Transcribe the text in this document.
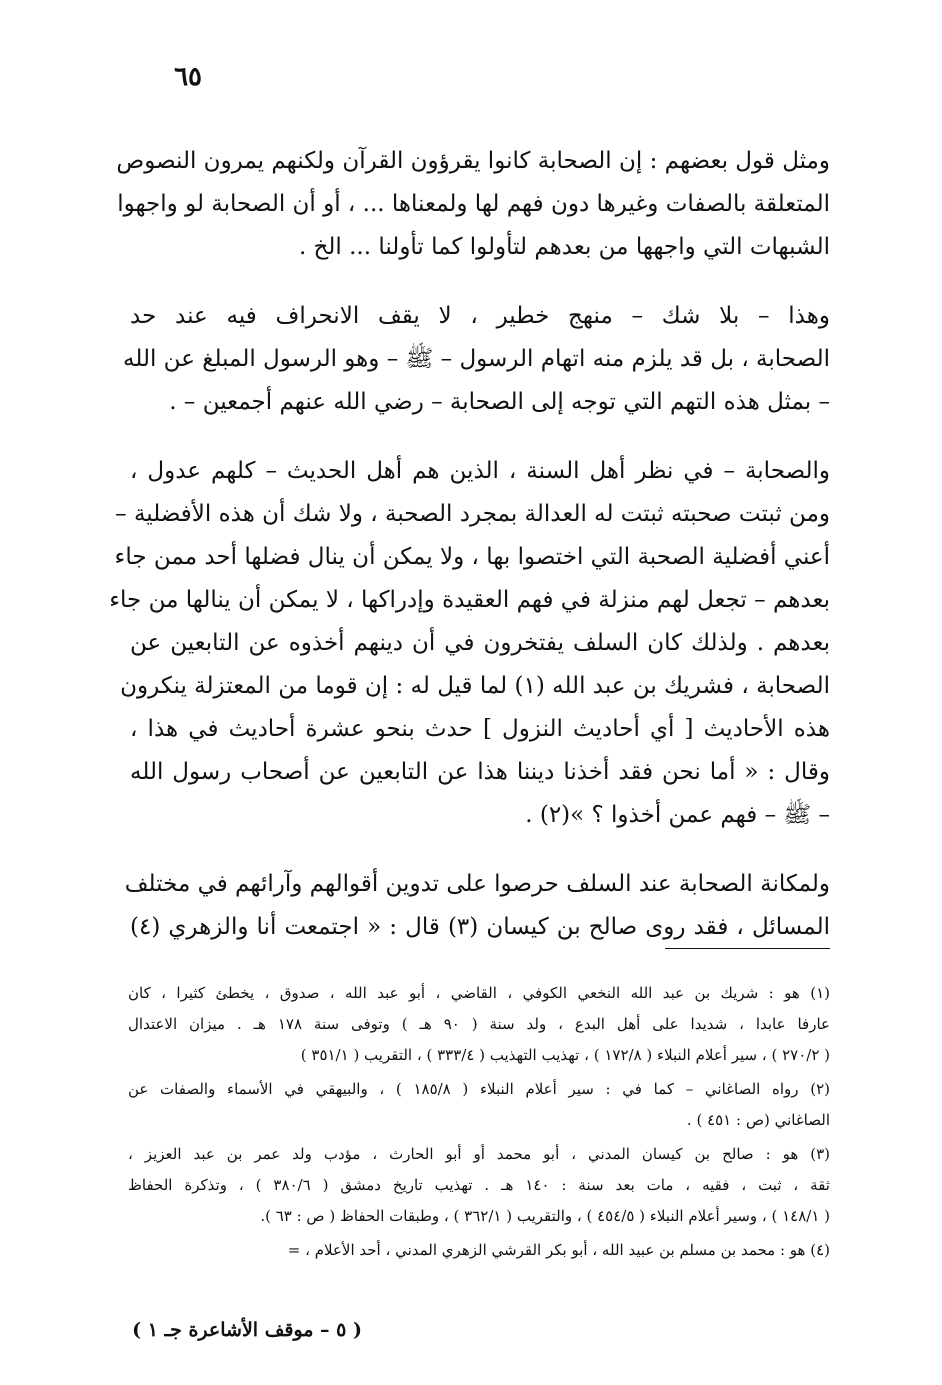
٦٥
ومثل قول بعضهم : إن الصحابة كانوا يقرؤون القرآن ولكنهم يمرون النصوص
المتعلقة بالصفات وغيرها دون فهم لها ولمعناها ... ، أو أن الصحابة لو واجهوا
الشبهات التي واجهها من بعدهم لتأولوا كما تأولنا ... الخ .
وهذا – بلا شك – منهج خطير ، لا يقف الانحراف فيه عند حد
الصحابة ، بل قد يلزم منه اتهام الرسول – ﷺ – وهو الرسول المبلغ عن الله
– بمثل هذه التهم التي توجه إلى الصحابة – رضي الله عنهم أجمعين – .
والصحابة – في نظر أهل السنة ، الذين هم أهل الحديث – كلهم عدول ،
ومن ثبتت صحبته ثبتت له العدالة بمجرد الصحبة ، ولا شك أن هذه الأفضلية –
أعني أفضلية الصحبة التي اختصوا بها ، ولا يمكن أن ينال فضلها أحد ممن جاء
بعدهم – تجعل لهم منزلة في فهم العقيدة وإدراكها ، لا يمكن أن ينالها من جاء
بعدهم . ولذلك كان السلف يفتخرون في أن دينهم أخذوه عن التابعين عن
الصحابة ، فشريك بن عبد الله (١) لما قيل له : إن قوما من المعتزلة ينكرون
هذه الأحاديث [ أي أحاديث النزول ] حدث بنحو عشرة أحاديث في هذا ،
وقال : « أما نحن فقد أخذنا ديننا هذا عن التابعين عن أصحاب رسول الله
– ﷺ – فهم عمن أخذوا ؟ »(٢) .
ولمكانة الصحابة عند السلف حرصوا على تدوين أقوالهم وآرائهم في مختلف
المسائل ، فقد روى صالح بن كيسان (٣) قال : « اجتمعت أنا والزهري (٤)
(١) هو : شريك بن عبد الله النخعي الكوفي ، القاضي ، أبو عبد الله ، صدوق ، يخطئ كثيرا ، كان
عارفا عابدا ، شديدا على أهل البدع ، ولد سنة ( ٩٠ هـ ) وتوفى سنة ١٧٨ هـ . ميزان الاعتدال
( ٢٧٠/٢ ) ، سير أعلام النبلاء ( ١٧٢/٨ ) ، تهذيب التهذيب ( ٣٣٣/٤ ) ، التقريب ( ٣٥١/١ )
(٢) رواه الصاغاني – كما في : سير أعلام النبلاء ( ١٨٥/٨ ) ، والبيهقي في الأسماء والصفات عن
الصاغاني (ص : ٤٥١ ) .
(٣) هو : صالح بن كيسان المدني ، أبو محمد أو أبو الحارث ، مؤدب ولد عمر بن عبد العزيز ،
ثقة ، ثبت ، فقيه ، مات بعد سنة : ١٤٠ هـ . تهذيب تاريخ دمشق ( ٣٨٠/٦ ) ، وتذكرة الحفاظ
( ١٤٨/١ ) ، وسير أعلام النبلاء ( ٤٥٤/٥ ) ، والتقريب ( ٣٦٢/١ ) ، وطبقات الحفاظ ( ص : ٦٣ ).
(٤) هو : محمد بن مسلم بن عبيد الله ، أبو بكر القرشي الزهري المدني ، أحد الأعلام ، =
( ٥ – موقف الأشاعرة جـ ١ )
